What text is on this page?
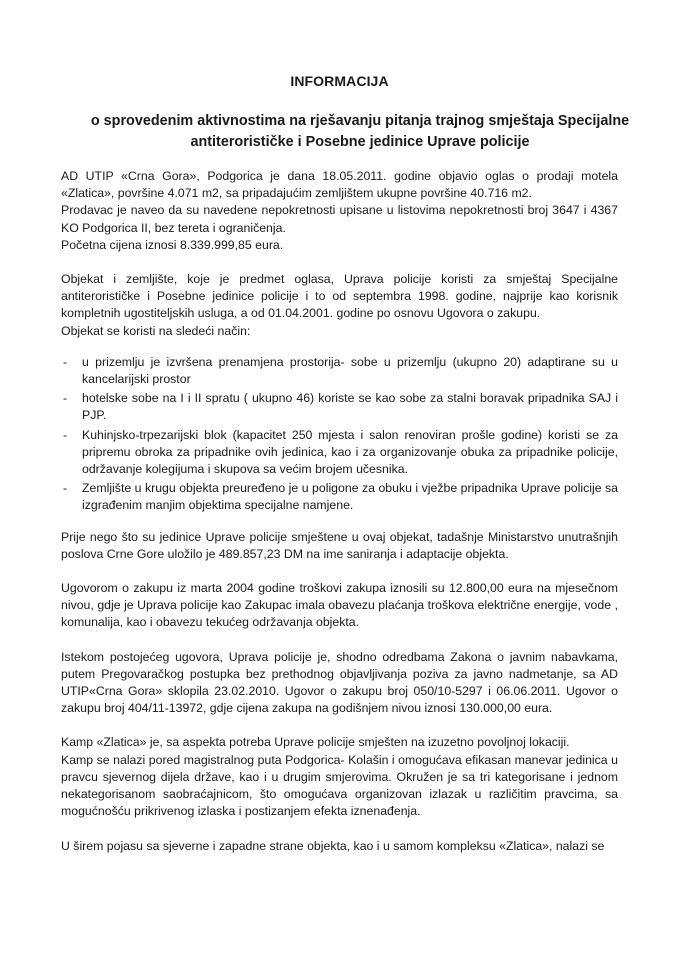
INFORMACIJA
o sprovedenim aktivnostima na rješavanju pitanja trajnog smještaja Specijalne antiterorističke i Posebne jedinice Uprave policije

AD UTIP «Crna Gora», Podgorica je dana 18.05.2011. godine objavio oglas o prodaji motela «Zlatica», površine 4.071 m2, sa pripadajućim zemljištem ukupne površine 40.716 m2.

Prodavac je naveo da su navedene nepokretnosti upisane u listovima nepokretnosti broj 3647 i 4367 KO Podgorica II, bez tereta i ograničenja.

Početna cijena iznosi 8.339.999,85 eura.

Objekat i zemljište, koje je predmet oglasa, Uprava policije koristi za smještaj Specijalne antiterorističke i Posebne jedinice policije i to od septembra 1998. godine, najprije kao korisnik kompletnih ugostiteljskih usluga, a od 01.04.2001. godine po osnovu Ugovora o zakupu.

Objekat se koristi na sledeći način:

- u prizemlju je izvršena prenamjena prostorija- sobe u prizemlju (ukupno 20) adaptirane su u kancelarijski prostor
- hotelske sobe na I i II spratu ( ukupno 46) koriste se kao sobe za stalni boravak pripadnika SAJ i PJP.
- Kuhinjsko-trpezarijski blok (kapacitet 250 mjesta i salon renoviran prošle godine) koristi se za pripremu obroka za pripadnike ovih jedinica, kao i za organizovanje obuka za pripadnike policije, održavanje kolegijuma i skupova sa većim brojem učesnika.
- Zemljište u krugu objekta preuređeno je u poligone za obuku i vježbe pripadnika Uprave policije sa izgrađenim manjim objektima specijalne namjene.

Prije nego što su jedinice Uprave policije smještene u ovaj objekat, tadašnje Ministarstvo unutrašnjih poslova Crne Gore uložilo je 489.857,23 DM na ime saniranja i adaptacije objekta.

Ugovorom o zakupu iz marta 2004 godine troškovi zakupa iznosili su 12.800,00 eura na mjesečnom nivou, gdje je Uprava policije kao Zakupac imala obavezu plaćanja troškova električne energije, vode , komunalija, kao i obavezu tekućeg održavanja objekta.

Istekom postojećeg ugovora, Uprava policije je, shodno odredbama Zakona o javnim nabavkama, putem Pregovaračkog postupka bez prethodnog objavljivanja poziva za javno nadmetanje, sa AD UTIP«Crna Gora» sklopila 23.02.2010. Ugovor o zakupu broj 050/10-5297 i 06.06.2011. Ugovor o zakupu broj 404/11-13972, gdje cijena zakupa na godišnjem nivou iznosi 130.000,00 eura.

Kamp «Zlatica» je, sa aspekta potreba Uprave policije smješten na izuzetno povoljnoj lokaciji.

Kamp se nalazi pored magistralnog puta Podgorica- Kolašin i omogućava efikasan manevar jedinica u pravcu sjevernog dijela države, kao i u drugim smjerovima. Okružen je sa tri kategorisane i jednom nekategorisanom saobraćajnicom, što omogućava organizovan izlazak u različitim pravcima, sa mogućnošću prikrivenog izlaska i postizanjem efekta iznenađenja.

U širem pojasu sa sjeverne i zapadne strane objekta, kao i u samom kompleksu «Zlatica», nalazi se
